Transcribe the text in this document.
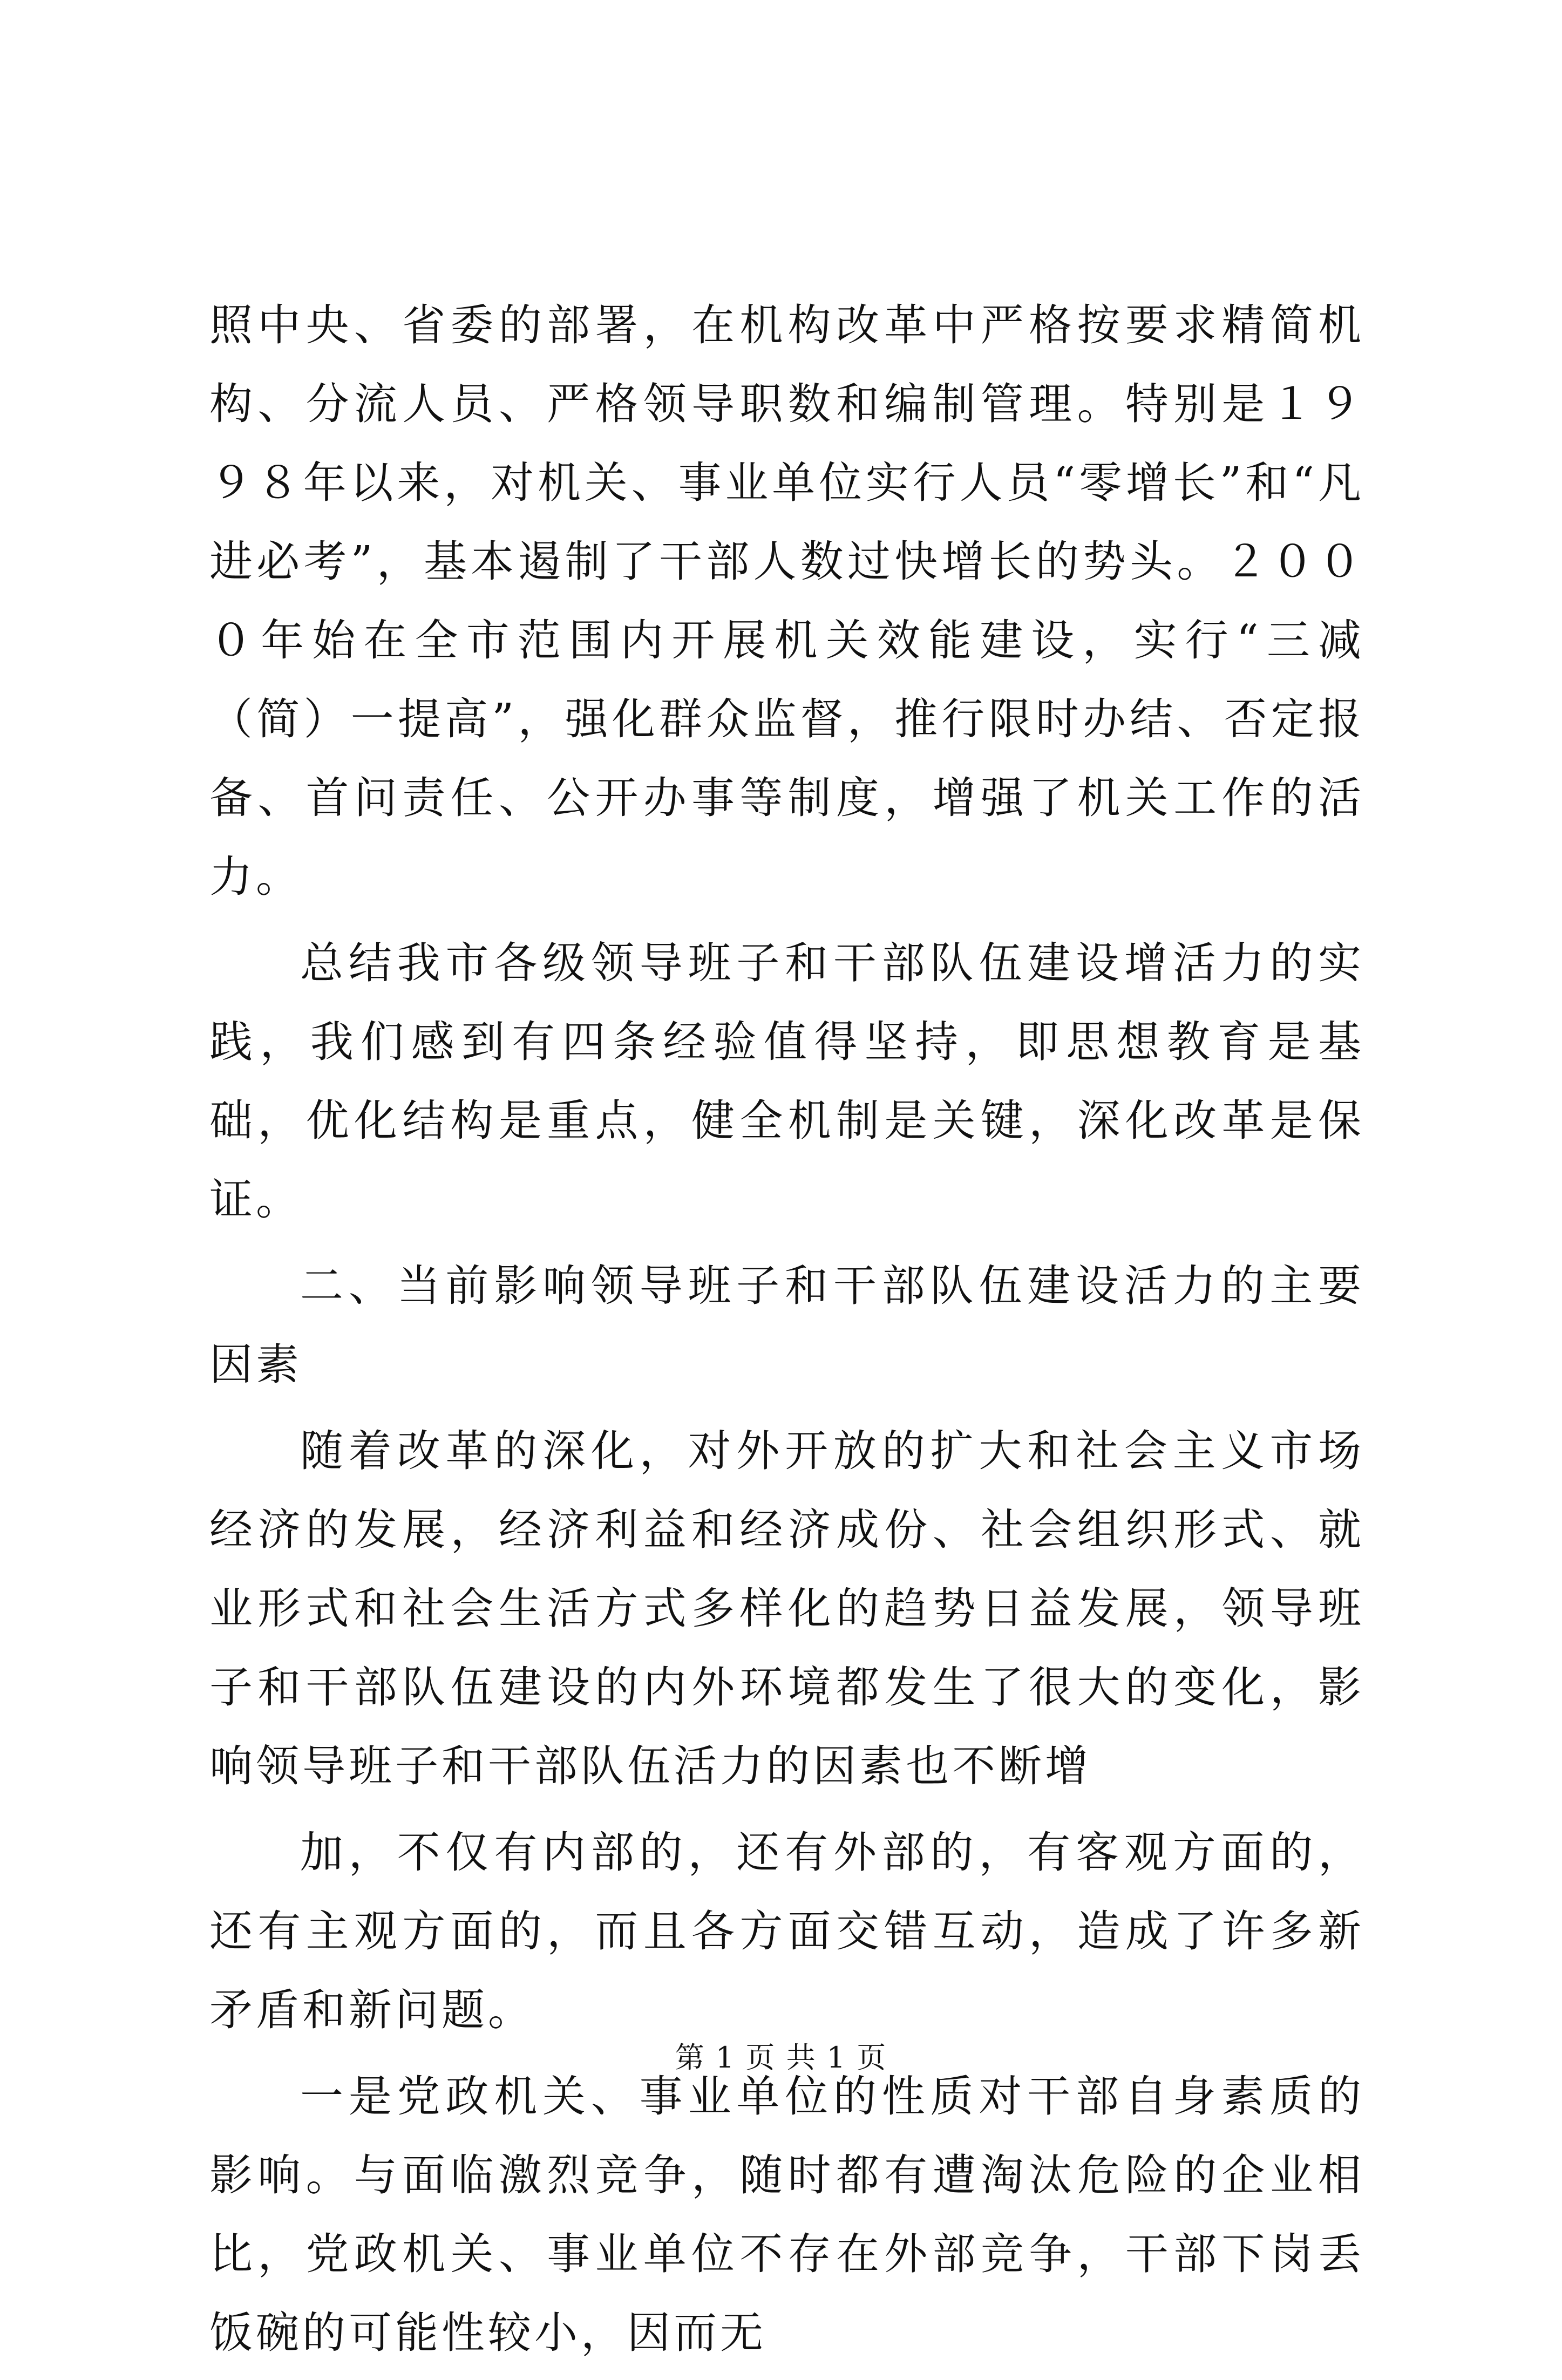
照中央、省委的部署，在机构改革中严格按要求精简机构、分流人员、严格领导职数和编制管理。特别是１９９８年以来，对机关、事业单位实行人员“零增长”和“凡进必考”，基本遏制了干部人数过快增长的势头。２０００年始在全市范围内开展机关效能建设，实行“三减（简）一提高”，强化群众监督，推行限时办结、否定报备、首问责任、公开办事等制度，增强了机关工作的活力。

总结我市各级领导班子和干部队伍建设增活力的实践，我们感到有四条经验值得坚持，即思想教育是基础，优化结构是重点，健全机制是关键，深化改革是保证。

二、当前影响领导班子和干部队伍建设活力的主要因素

随着改革的深化，对外开放的扩大和社会主义市场经济的发展，经济利益和经济成份、社会组织形式、就业形式和社会生活方式多样化的趋势日益发展，领导班子和干部队伍建设的内外环境都发生了很大的变化，影响领导班子和干部队伍活力的因素也不断增

加，不仅有内部的，还有外部的，有客观方面的，还有主观方面的，而且各方面交错互动，造成了许多新矛盾和新问题。

一是党政机关、事业单位的性质对干部自身素质的影响。与面临激烈竞争，随时都有遭淘汰危险的企业相比，党政机关、事业单位不存在外部竞争，干部下岗丢饭碗的可能性较小，因而无

第 1 页 共 1 页
